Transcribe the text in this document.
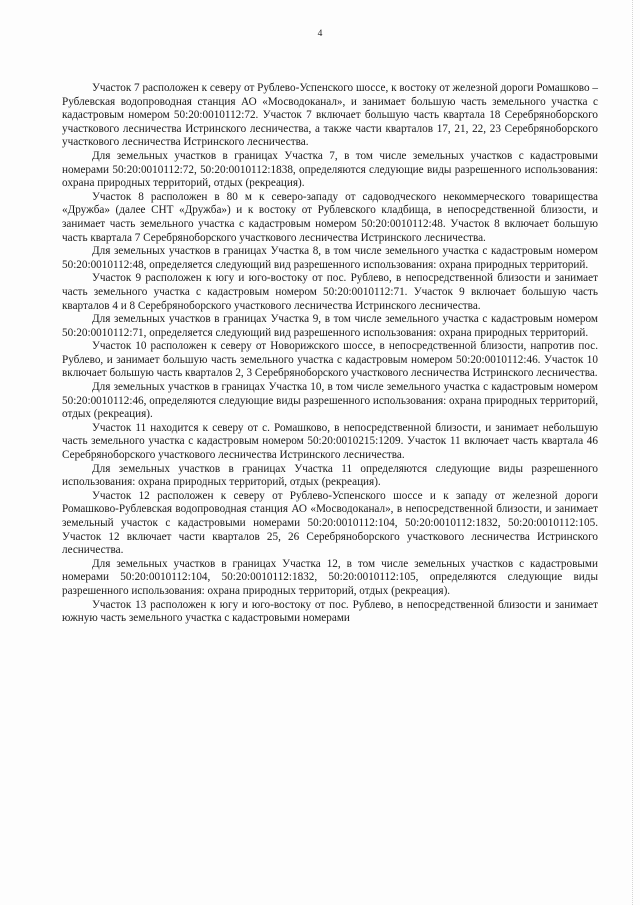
4

Участок 7 расположен к северу от Рублево-Успенского шоссе, к востоку от железной дороги Ромашково – Рублевская водопроводная станция АО «Мосводоканал», и занимает большую часть земельного участка с кадастровым номером 50:20:0010112:72. Участок 7 включает большую часть квартала 18 Серебряноборского участкового лесничества Истринского лесничества, а также части кварталов 17, 21, 22, 23 Серебряноборского участкового лесничества Истринского лесничества.

Для земельных участков в границах Участка 7, в том числе земельных участков с кадастровыми номерами 50:20:0010112:72, 50:20:0010112:1838, определяются следующие виды разрешенного использования: охрана природных территорий, отдых (рекреация).

Участок 8 расположен в 80 м к северо-западу от садоводческого некоммерческого товарищества «Дружба» (далее СНТ «Дружба») и к востоку от Рублевского кладбища, в непосредственной близости, и занимает часть земельного участка с кадастровым номером 50:20:0010112:48. Участок 8 включает большую часть квартала 7 Серебряноборского участкового лесничества Истринского лесничества.

Для земельных участков в границах Участка 8, в том числе земельного участка с кадастровым номером 50:20:0010112:48, определяется следующий вид разрешенного использования: охрана природных территорий.

Участок 9 расположен к югу и юго-востоку от пос. Рублево, в непосредственной близости и занимает часть земельного участка с кадастровым номером 50:20:0010112:71. Участок 9 включает большую часть кварталов 4 и 8 Серебряноборского участкового лесничества Истринского лесничества.

Для земельных участков в границах Участка 9, в том числе земельного участка с кадастровым номером 50:20:0010112:71, определяется следующий вид разрешенного использования: охрана природных территорий.

Участок 10 расположен к северу от Новорижского шоссе, в непосредственной близости, напротив пос. Рублево, и занимает большую часть земельного участка с кадастровым номером 50:20:0010112:46. Участок 10 включает большую часть кварталов 2, 3 Серебряноборского участкового лесничества Истринского лесничества.

Для земельных участков в границах Участка 10, в том числе земельного участка с кадастровым номером 50:20:0010112:46, определяются следующие виды разрешенного использования: охрана природных территорий, отдых (рекреация).

Участок 11 находится к северу от с. Ромашково, в непосредственной близости, и занимает небольшую часть земельного участка с кадастровым номером 50:20:0010215:1209. Участок 11 включает часть квартала 46 Серебряноборского участкового лесничества Истринского лесничества.

Для земельных участков в границах Участка 11 определяются следующие виды разрешенного использования: охрана природных территорий, отдых (рекреация).

Участок 12 расположен к северу от Рублево-Успенского шоссе и к западу от железной дороги Ромашково-Рублевская водопроводная станция АО «Мосводоканал», в непосредственной близости, и занимает земельный участок с кадастровыми номерами 50:20:0010112:104, 50:20:0010112:1832, 50:20:0010112:105. Участок 12 включает части кварталов 25, 26 Серебряноборского участкового лесничества Истринского лесничества.

Для земельных участков в границах Участка 12, в том числе земельных участков с кадастровыми номерами 50:20:0010112:104, 50:20:0010112:1832, 50:20:0010112:105, определяются следующие виды разрешенного использования: охрана природных территорий, отдых (рекреация).

Участок 13 расположен к югу и юго-востоку от пос. Рублево, в непосредственной близости и занимает южную часть земельного участка с кадастровыми номерами
